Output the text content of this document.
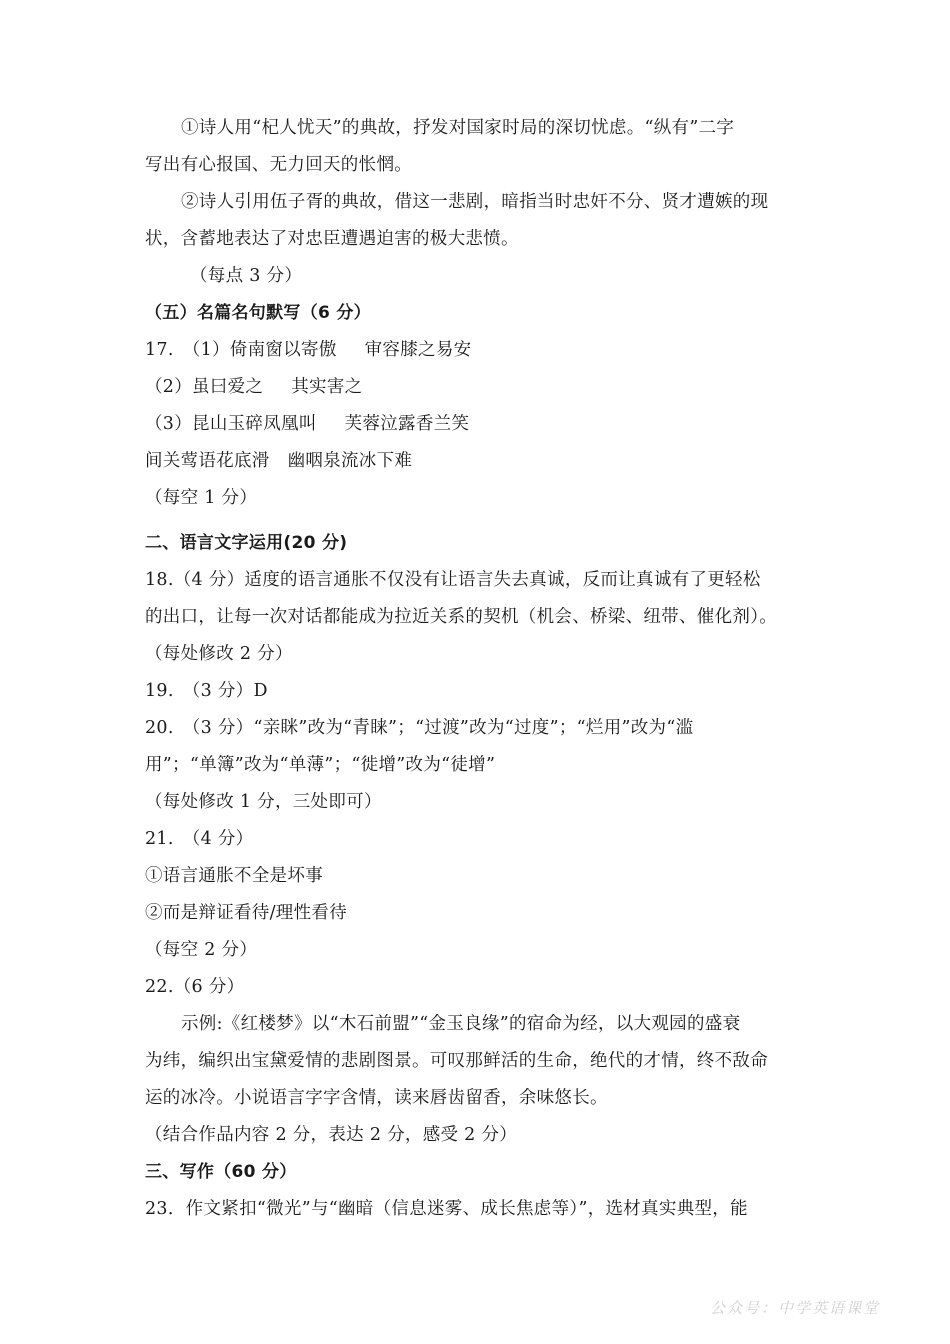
①诗人用“杞人忧天”的典故，抒发对国家时局的深切忧虑。“纵有”二字
写出有心报国、无力回天的怅惘。
②诗人引用伍子胥的典故，借这一悲剧，暗指当时忠奸不分、贤才遭嫉的现
状，含蓄地表达了对忠臣遭遇迫害的极大悲愤。
（每点 3 分）
（五）名篇名句默写（6 分）
17.　（1）倚南窗以寄傲 审容膝之易安
（2）虽曰爱之 其实害之
（3）昆山玉碎凤凰叫 芙蓉泣露香兰笑
间关莺语花底滑 幽咽泉流冰下难
（每空 1 分）
二、语言文字运用(20 分)
18.（4 分）适度的语言通胀不仅没有让语言失去真诚，反而让真诚有了更轻松
的出口，让每一次对话都能成为拉近关系的契机（机会、桥梁、纽带、催化剂）。
（每处修改 2 分）
19.　（3 分）D
20.　（3 分）“亲眯”改为“青睐”；“过渡”改为“过度”；“烂用”改为“滥
用”；“单簿”改为“单薄”；“徙增”改为“徒增”
（每处修改 1 分，三处即可）
21.　（4 分）
①语言通胀不全是坏事
②而是辩证看待/理性看待
（每空 2 分）
22.（6 分）
示例:《红楼梦》以“木石前盟”“金玉良缘”的宿命为经，以大观园的盛衰
为纬，编织出宝黛爱情的悲剧图景。可叹那鲜活的生命，绝代的才情，终不敌命
运的冰冷。小说语言字字含情，读来唇齿留香，余味悠长。
（结合作品内容 2 分，表达 2 分，感受 2 分）
三、写作（60 分）
23．作文紧扣“微光”与“幽暗（信息迷雾、成长焦虑等）”，选材真实典型，能
公众号：中学英语课堂
